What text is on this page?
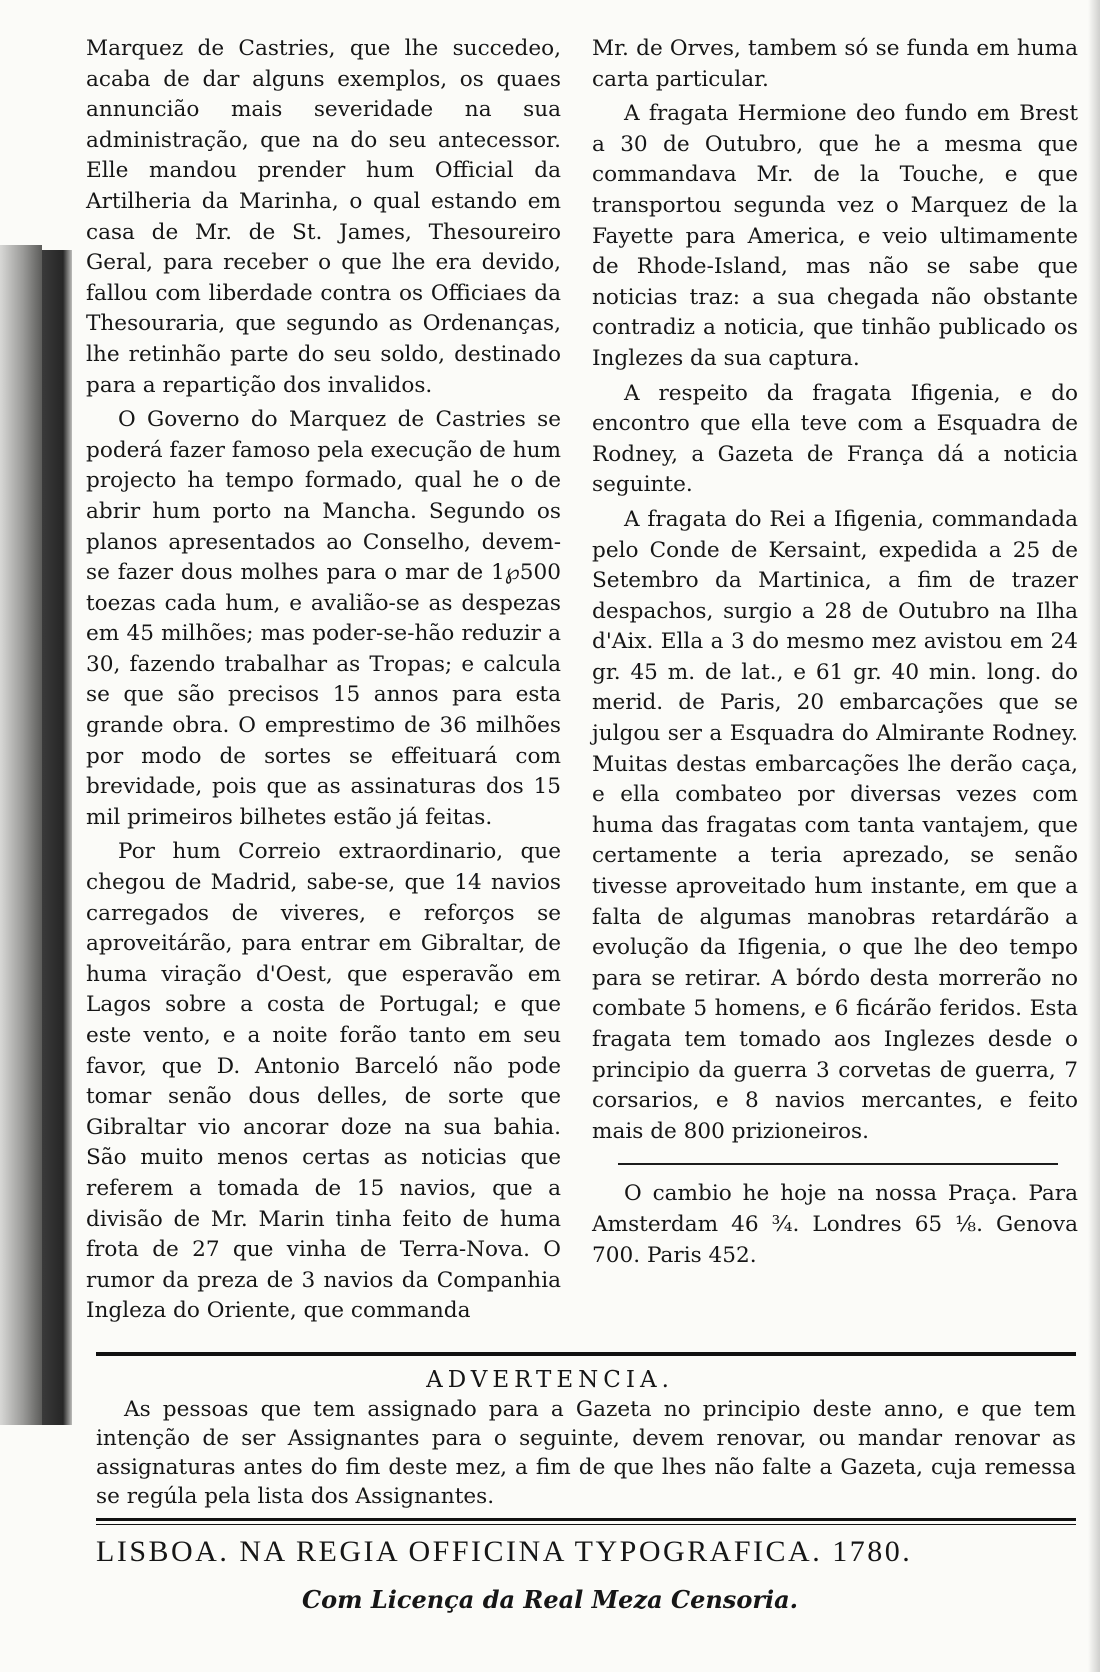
Marquez de Castries, que lhe succedeo, acaba de dar alguns exemplos, os quaes annuncião mais severidade na sua administração, que na do seu antecessor. Elle mandou prender hum Official da Artilheria da Marinha, o qual estando em casa de Mr. de St. James, Thesoureiro Geral, para receber o que lhe era devido, fallou com liberdade contra os Officiaes da Thesouraria, que segundo as Ordenanças, lhe retinhão parte do seu soldo, destinado para a repartição dos invalidos.

O Governo do Marquez de Castries se poderá fazer famoso pela execução de hum projecto ha tempo formado, qual he o de abrir hum porto na Mancha. Segundo os planos apresentados ao Conselho, devem-se fazer dous molhes para o mar de 1℘500 toezas cada hum, e avalião-se as despezas em 45 milhões; mas poder-se-hão reduzir a 30, fazendo trabalhar as Tropas; e calcula se que são precisos 15 annos para esta grande obra. O emprestimo de 36 milhões por modo de sortes se effeituará com brevidade, pois que as assinaturas dos 15 mil primeiros bilhetes estão já feitas.

Por hum Correio extraordinario, que chegou de Madrid, sabe-se, que 14 navios carregados de viveres, e reforços se aproveitárão, para entrar em Gibraltar, de huma viração d'Oest, que esperavão em Lagos sobre a costa de Portugal; e que este vento, e a noite forão tanto em seu favor, que D. Antonio Barceló não pode tomar senão dous delles, de sorte que Gibraltar vio ancorar doze na sua bahia. São muito menos certas as noticias que referem a tomada de 15 navios, que a divisão de Mr. Marin tinha feito de huma frota de 27 que vinha de Terra-Nova. O rumor da preza de 3 navios da Companhia Ingleza do Oriente, que commanda

Mr. de Orves, tambem só se funda em huma carta particular.

A fragata Hermione deo fundo em Brest a 30 de Outubro, que he a mesma que commandava Mr. de la Touche, e que transportou segunda vez o Marquez de la Fayette para America, e veio ultimamente de Rhode-Island, mas não se sabe que noticias traz: a sua chegada não obstante contradiz a noticia, que tinhão publicado os Inglezes da sua captura.

A respeito da fragata Ifigenia, e do encontro que ella teve com a Esquadra de Rodney, a Gazeta de França dá a noticia seguinte.

A fragata do Rei a Ifigenia, commandada pelo Conde de Kersaint, expedida a 25 de Setembro da Martinica, a fim de trazer despachos, surgio a 28 de Outubro na Ilha d'Aix. Ella a 3 do mesmo mez avistou em 24 gr. 45 m. de lat., e 61 gr. 40 min. long. do merid. de Paris, 20 embarcações que se julgou ser a Esquadra do Almirante Rodney. Muitas destas embarcações lhe derão caça, e ella combateo por diversas vezes com huma das fragatas com tanta vantajem, que certamente a teria aprezado, se senão tivesse aproveitado hum instante, em que a falta de algumas manobras retardárão a evolução da Ifigenia, o que lhe deo tempo para se retirar. A bórdo desta morrerão no combate 5 homens, e 6 ficárão feridos. Esta fragata tem tomado aos Inglezes desde o principio da guerra 3 corvetas de guerra, 7 corsarios, e 8 navios mercantes, e feito mais de 800 prizioneiros.

O cambio he hoje na nossa Praça. Para Amsterdam 46 ¾. Londres 65 ⅛. Genova 700. Paris 452.

ADVERTENCIA.
As pessoas que tem assignado para a Gazeta no principio deste anno, e que tem intenção de ser Assignantes para o seguinte, devem renovar, ou mandar renovar as assignaturas antes do fim deste mez, a fim de que lhes não falte a Gazeta, cuja remessa se regúla pela lista dos Assignantes.
LISBOA. NA REGIA OFFICINA TYPOGRAFICA. 1780.
Com Licença da Real Meza Censoria.
